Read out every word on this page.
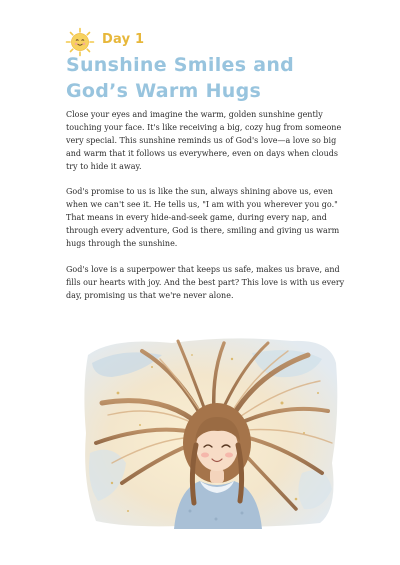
Day 1
Sunshine Smiles and
God’s Warm Hugs

Close your eyes and imagine the warm, golden sunshine gently touching your face. It's like receiving a big, cozy hug from someone very special. This sunshine reminds us of God's love—a love so big and warm that it follows us everywhere, even on days when clouds try to hide it away.

God's promise to us is like the sun, always shining above us, even when we can't see it. He tells us, "I am with you wherever you go." That means in every hide-and-seek game, during every nap, and through every adventure, God is there, smiling and giving us warm hugs through the sunshine.

God's love is a superpower that keeps us safe, makes us brave, and fills our hearts with joy. And the best part? This love is with us every day, promising us that we're never alone.
